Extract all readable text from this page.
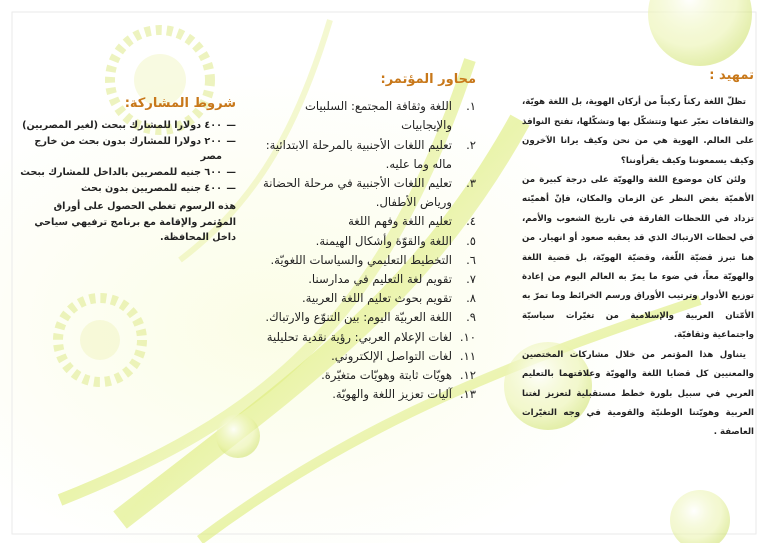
تمهيد :

تظلّ اللغة ركناً ركيناً من أركان الهوية، بل اللغة هويّة، والثقافات تعبّر عنها وتتشكّل بها وتشكّلها، تفتح النوافذ على العالم. الهوية هي من نحن وكيف يرانا الآخرون وكيف يسمعوننا وكيف يقرأوننا؟

ولئن كان موضوع اللغة والهويّة على درجة كبيرة من الأهميّة بغض النظر عن الزمان والمكان، فإنّ أهميّته تزداد في اللحظات الفارقة في تاريخ الشعوب والأمم، في لحظات الارتباك الذي قد يعقبه صعود أو انهيار. من هنا تبرز قضيّة اللّغة، وقضيّة الهويّة، بل قضية اللغة والهويّة معاً، في ضوء ما يمرّ به العالم اليوم من إعادة توزيع الأدوار وترتيب الأوراق ورسم الخرائط وما تمرّ به الأمّتان العربية والإسلامية من تغيّرات سياسيّة واجتماعية وثقافيّة.

يتناول هذا المؤتمر من خلال مشاركات المختصين والمعنيين كل قضايا اللغة والهويّة وعلاقتهما بالتعليم العربي في سبيل بلورة خطط مستقبلية لتعزيز لغتنا العربية وهويّتنا الوطنيّة والقومية في وجه التغيّرات العاصفة .

محاور المؤتمر:
١.
اللغة وثقافة المجتمع: السلبيات والإيجابيات
٢.
تعليم اللغات الأجنبية بالمرحلة الابتدائية: ماله وما عليه.
٣.
تعليم اللغات الأجنبية في مرحلة الحضانة ورياض الأطفال.
٤.
تعليم اللغة وفهم اللغة
٥.
اللغة والقوّة وأشكال الهيمنة.
٦.
التخطيط التعليمي والسياسات اللغويّة.
٧.
تقويم لغة التعليم في مدارسنا.
٨.
تقويم بحوث تعليم اللغة العربية.
٩.
اللغة العربيّة اليوم: بين التنوّع والارتباك.
١٠.
لغات الإعلام العربي: رؤية نقدية تحليلية
١١.
لغات التواصل الإلكتروني.
١٢.
هويّات ثابتة وهويّات متغيّرة.
١٣.
آليات تعزيز اللغة والهويّة.
شروط المشاركة:
—
٤٠٠ دولارا للمشارك ببحث (لغير المصريين)
—
٢٠٠ دولارا للمشارك بدون بحث من خارج مصر
—
٦٠٠ جنيه للمصريين بالداخل للمشارك ببحث
—
٤٠٠ جنيه للمصريين بدون بحث
هذه الرسوم تغطي الحصول على أوراق المؤتمر والإقامة مع برنامج ترفيهي سياحي داخل المحافظة.
